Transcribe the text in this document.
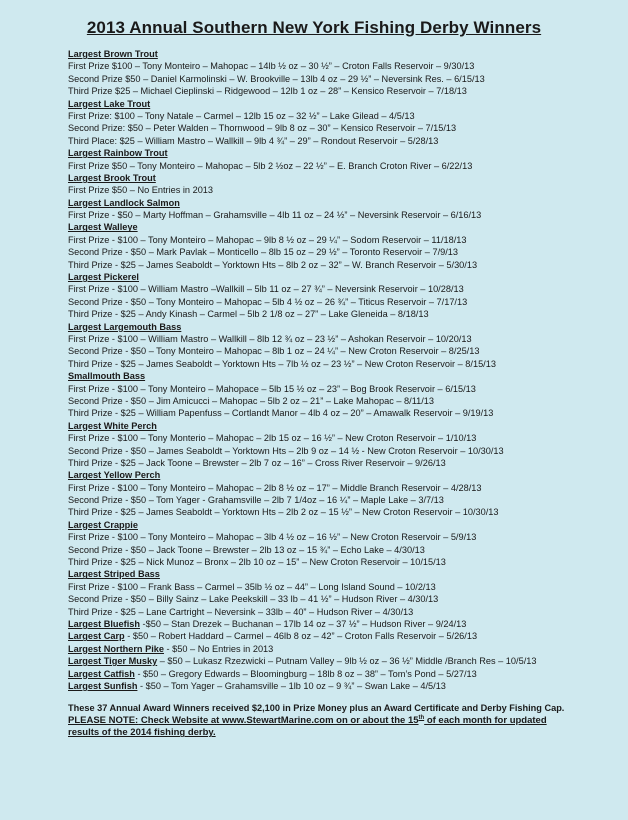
2013 Annual Southern New York Fishing Derby Winners
Largest Brown Trout
First Prize $100 – Tony Monteiro – Mahopac – 14lb ½ oz – 30 ½” – Croton Falls Reservoir – 9/30/13
Second Prize $50 – Daniel Karmolinski – W. Brookville – 13lb 4 oz – 29 ½” – Neversink Res. – 6/15/13
Third Prize $25 – Michael Cieplinski – Ridgewood – 12lb 1 oz – 28” – Kensico Reservoir – 7/18/13
Largest Lake Trout
First Prize: $100 – Tony Natale – Carmel – 12lb 15 oz – 32 ½” – Lake Gilead – 4/5/13
Second Prize: $50 – Peter Walden – Thornwood – 9lb 8 oz – 30” – Kensico Reservoir – 7/15/13
Third Place: $25 – William Mastro – Wallkill – 9lb 4 ¾” – 29” – Rondout Reservoir – 5/28/13
Largest Rainbow Trout
First Prize $50 – Tony Monteiro – Mahopac – 5lb 2 ½oz – 22 ½” – E. Branch Croton River – 6/22/13
Largest Brook Trout
First Prize $50 – No Entries in 2013
Largest Landlock Salmon
First Prize - $50 – Marty Hoffman – Grahamsville – 4lb 11 oz – 24 ½” – Neversink Reservoir – 6/16/13
Largest Walleye
First Prize - $100 – Tony Monteiro – Mahopac – 9lb 8 ½ oz – 29 ¼” – Sodom Reservoir – 11/18/13
Second Prize - $50 – Mark Pavlak – Monticello – 8lb 15 oz – 29 ½” – Toronto Reservoir – 7/9/13
Third Prize - $25 – James Seaboldt – Yorktown Hts – 8lb 2 oz – 32” – W. Branch Reservoir – 5/30/13
Largest Pickerel
First Prize - $100 – William Mastro –Wallkill – 5lb 11 oz – 27 ¾” – Neversink Reservoir – 10/28/13
Second Prize - $50 – Tony Monteiro – Mahopac – 5lb 4 ½ oz – 26 ¾” – Titicus Reservoir – 7/17/13
Third Prize - $25 – Andy Kinash – Carmel – 5lb 2 1/8 oz – 27” – Lake Gleneida – 8/18/13
Largest Largemouth Bass
First Prize - $100 – William Mastro – Wallkill – 8lb 12 ¾ oz – 23 ½” – Ashokan Reservoir – 10/20/13
Second Prize - $50 – Tony Monteiro – Mahopac – 8lb 1 oz – 24 ¼” – New Croton Reservoir – 8/25/13
Third Prize - $25 – James Seaboldt – Yorktown Hts – 7lb ½ oz – 23 ½” – New Croton Reservoir – 8/15/13
Smallmouth Bass
First Prize - $100 – Tony Monteiro – Mahopace – 5lb 15 ½ oz – 23” – Bog Brook Reservoir – 6/15/13
Second Prize - $50 – Jim Amicucci – Mahopac – 5lb 2 oz – 21” – Lake Mahopac – 8/11/13
Third Prize - $25 – William Papenfuss – Cortlandt Manor – 4lb 4 oz – 20” – Amawalk Reservoir – 9/19/13
Largest White Perch
First Prize - $100 – Tony Monterio – Mahopac – 2lb 15 oz – 16 ½” – New Croton Reservoir – 1/10/13
Second Prize - $50 – James Seaboldt – Yorktown Hts – 2lb 9 oz – 14 ½ - New Croton Reservoir – 10/30/13
Third Prize - $25 – Jack Toone – Brewster – 2lb 7 oz – 16” – Cross River Reservoir – 9/26/13
Largest Yellow Perch
First Prize - $100 – Tony Monteiro – Mahopac – 2lb 8 ½ oz – 17” – Middle Branch Reservoir – 4/28/13
Second Prize - $50 – Tom Yager - Grahamsville – 2lb 7 1/4oz – 16 ¼” – Maple Lake – 3/7/13
Third Prize - $25 – James Seaboldt – Yorktown Hts – 2lb 2 oz – 15 ½” – New Croton Reservoir – 10/30/13
Largest Crappie
First Prize - $100 – Tony Monteiro – Mahopac – 3lb 4 ½ oz – 16 ½” – New Croton Reservoir – 5/9/13
Second Prize - $50 – Jack Toone – Brewster – 2lb 13 oz – 15 ¾” – Echo Lake – 4/30/13
Third Prize - $25 – Nick Munoz – Bronx – 2lb 10 oz – 15” – New Croton Reservoir – 10/15/13
Largest Striped Bass
First Prize - $100 – Frank Bass – Carmel – 35lb ½ oz – 44” – Long Island Sound – 10/2/13
Second Prize - $50 – Billy Sainz – Lake Peekskill – 33 lb – 41 ½” – Hudson River – 4/30/13
Third Prize - $25 – Lane Cartright – Neversink – 33lb – 40” – Hudson River – 4/30/13
Largest Bluefish -$50 – Stan Drezek – Buchanan – 17lb 14 oz – 37 ½” – Hudson River – 9/24/13
Largest Carp - $50 – Robert Haddard – Carmel – 46lb 8 oz – 42” – Croton Falls Reservoir – 5/26/13
Largest Northern Pike - $50 – No Entries in 2013
Largest Tiger Musky – $50 – Lukasz Rzezwicki – Putnam Valley – 9lb ½ oz – 36 ½” Middle /Branch Res – 10/5/13
Largest Catfish - $50 – Gregory Edwards – Bloomingburg – 18lb 8 oz – 38” – Tom’s Pond – 5/27/13
Largest Sunfish - $50 – Tom Yager – Grahamsville – 1lb 10 oz – 9 ¾” – Swan Lake – 4/5/13
These 37 Annual Award Winners received $2,100 in Prize Money plus an Award Certificate and Derby Fishing Cap.
PLEASE NOTE: Check Website at www.StewartMarine.com on or about the 15th of each month for updated
results of the 2014 fishing derby.
